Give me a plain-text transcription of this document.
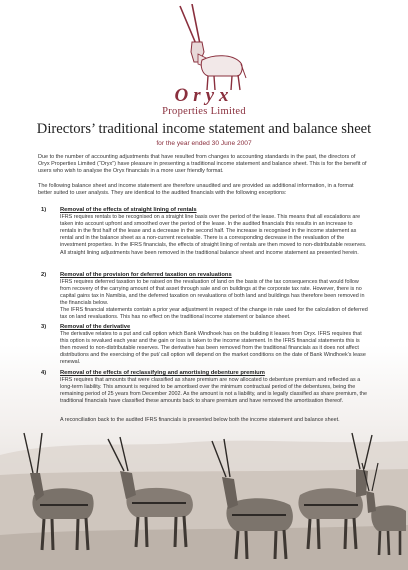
Oryx
Properties Limited
Directors’ traditional income statement and balance sheet
for the year ended 30 June 2007
Due to the number of accounting adjustments that have resulted from changes to accounting standards in the past, the directors of Oryx Properties Limited (“Oryx”) have pleasure in presenting a traditional income statement and balance sheet. This is for the benefit of users who wish to analyse the Oryx financials in a more user friendly format.
The following balance sheet and income statement are therefore unaudited and are provided as additional information, in a format better suited to user analysis. They are identical to the audited financials with the following exceptions:
1) Removal of the effects of straight lining of rentals
IFRS requires rentals to be recognised on a straight line basis over the period of the lease. This means that all escalations are taken into account upfront and smoothed over the period of the lease. In the audited financials this results in an increase to rentals in the first half of the lease and a decrease in the second half. The increase is recognised in the income statement as rental and in the balance sheet as a non-current receivable. There is a corresponding decrease in the revaluation of the investment properties. In the IFRS financials, the effects of straight lining of rentals are then moved to non-distributable reserves.
All straight lining adjustments have been removed in the traditional balance sheet and income statement as presented herein.
2) Removal of the provision for deferred taxation on revaluations
IFRS requires deferred taxation to be raised on the revaluation of land on the basis of the tax consequences that would follow from recovery of the carrying amount of that asset through sale and on buildings at the corporate tax rate. However, there is no capital gains tax in Namibia, and the deferred taxation on revaluations of both land and buildings has therefore been removed in the financials below.
The IFRS financial statements contain a prior year adjustment in respect of the change in rate used for the calculation of deferred tax on land revaluations. This has no effect on the traditional income statement or balance sheet.
3) Removal of the derivative
The derivative relates to a put and call option which Bank Windhoek has on the building it leases from Oryx. IFRS requires that this option is revalued each year and the gain or loss is taken to the income statement. In the IFRS financial statements this is then moved to non-distributable reserves. The derivative has been removed from the traditional financials as it does not affect distributions and the exercising of the put/ call option will depend on the market conditions on the date of Bank Windhoek’s lease renewal.
4) Removal of the effects of reclassifying and amortising debenture premium
IFRS requires that amounts that were classified as share premium are now allocated to debenture premium and reflected as a long-term liability. This amount is required to be amortised over the minimum contractual period of the debentures, being the remaining period of 25 years from December 2002. As the amount is not a liability, and is legally classified as share premium, the traditional financials have classified these amounts back to share premium and have removed the amortisation thereof.
A reconciliation back to the audited IFRS financials is presented below both the income statement and balance sheet.
